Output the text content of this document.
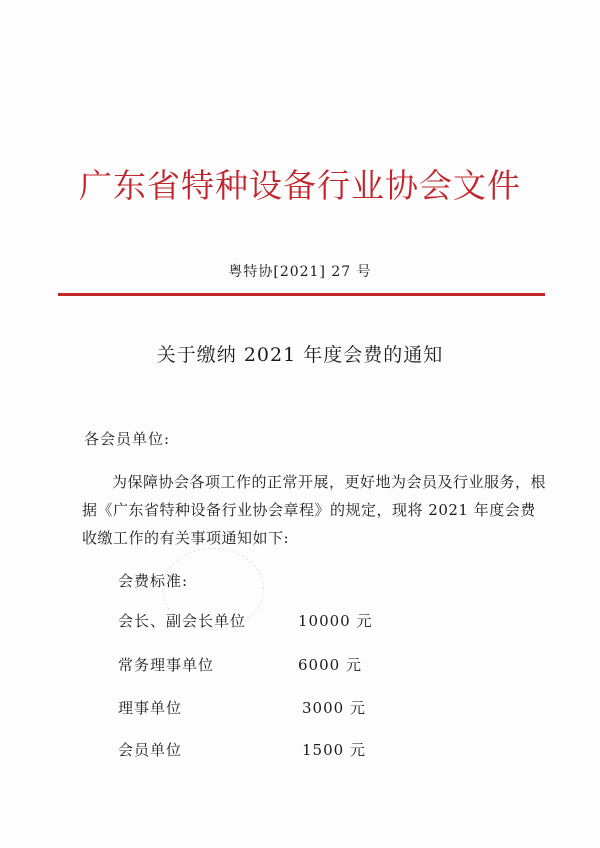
广东省特种设备行业协会文件
粤特协[2021] 27 号
关于缴纳 2021 年度会费的通知
各会员单位:

为保障协会各项工作的正常开展，更好地为会员及行业服务，根据《广东省特种设备行业协会章程》的规定，现将 2021 年度会费收缴工作的有关事项通知如下:

会费标准:
会长、副会长单位	10000 元
常务理事单位	6000 元
理事单位	3000 元
会员单位	1500 元
